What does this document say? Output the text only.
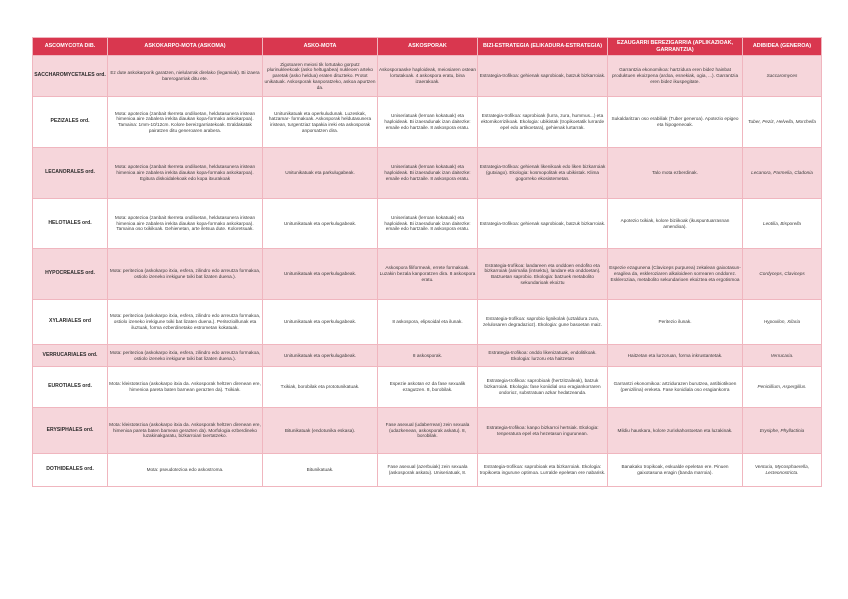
ASCOMYCOTA DIB.	ASKOKARPO-MOTA (ASKOMA)	ASKO-MOTA	ASKOSPORAK	BIZI-ESTRATEGIA (ELIKADURA-ESTRATEGIA)	EZAUGARRI BEREZIGARRIA (APLIKAZIOAK, GARRANTZIA)	ADIBIDEA (GENEROA)
SACCHAROMYCETALES ord.	Ez dute askokarporik garatzen, nielularrak direlako (legamiak). Bi izaera barerogarriak ditu ete.	Zigotoaren meiosi tik lortutako gorputz plurinukleekoak (asko heltugabea) nukleoen arteko paretak (asko heldua) eraten dituzteko. Protot unikatuak. Askosporak kanporatzeko, askoa apurtzen da.	Askosporaaske haploideak, meiosiaren ostean lortutakoak. 4 askospora eratu, bina izaerakoak.	Estrategia-trofikoa: gehienak saprobioak, batzuk bizkarroiak.	Garrantzia ekonomikoa: hartzidura eren bidez hainbat produktuen ekoizpena (ardoa, esnekiak, ogia, ...). Garrantzia eren bidez ikuspegitate.	Saccaromyces
PEZIZALES ord.	Mota: apotezioa (zanbait Ikerreta ondiloetan, heldutasunera iristean himenioa aire zabalera irekita diaukan kopa-formako askokarpoa). Tamaina: 1mm-10/12cm. Kolore bereizgarriatekoak. Eraldakatak pairatzen ditu generoaren arabera.	Unitunikatuak eta operkuludunak. Luzeskak, hatzamar- formakoak. Askosporak heldutasunera iristean, turgentziaz tapakia ireki eta askosporak anporsatzen dira.	Uniseriatuak (lerroan kokatuak) eta haploideak. Bi izaeradunak izan daitezke: emaile edo hartzaile. 8 askospora eratu.	Estrategia-trofikoa: saprobioak (lurra, zura, hummus...) eta ektomikorrizikoak. Ekologia: ubikistak (tropikoetatik lurrarde epel edo artikoetara), gehienak lurtarrak.	Sukaldaritzan oso erabiliak (Tuber generoa). Apotezio epigeo eta hipogeneoak.	Tuber, Peziz, Helvella, Morchella
LECANORALES ord.	Mota: apotezioa (zanbait Ikerreta ondiloetan, heldutasunera iristean himenioa aire zabalera irekita diaukan kopa-formako askokarpoa). Egitura diskoidalekoak edo kopa itxurakoak	Unitunikatuak eta parkulugabeak.	Uniseriatuak (lerroan kokatuak) eta haploideak. Bi izaeradunak izan daitezke: emaile edo hartzaile. 8 askospora eratu.	Estrategia-trofikoa: gehienak likenikoak edo liken bizkarroiak (gutxiago). Ekologia: kosmopolitak eta ubikistak. Klima gogorreko ekosistemetan.	Talo mota ezberdinak.	Lecanora, Parmelia, Cladonia
HELOTIALES ord.	Mota: apotezioa (zanbait Ikerreta ondiloetan, heldutasunera iristean himenioa aire zabalera irekita diaukan kopa-formako askokarpoa). Tamaina oso txikikoak. Gehienetan, arte iletsua dute. Koloretsuak.	Unitunikatuak eta operkulugabeak.	Uniseriatuak (lerroan kokatuak) eta haploideak. Bi izaeradunak izan daitezke: emaile edo hartzaile. 8 askospora eratu.	Estrategia-trofikoa: gehienak saprobioak, batzuk bizkarroiak.	Apotezio txikiak, kolore biziikoak (ikuspuntuarrasnan amendioa).	Leotilia, Bisporella
HYPOCREALES ord.	Mota: peritezioa (askokarpo itxia, esfera, zilindro edo arreutza formakoa, ostiolo izeneko irekigune txiki bat lizaten duena.).	Unitunikatuak eta operkulugabeak.	Askospora filiformeak, errete formakoak. Luzakin bezala kanporatzen dira. 8 askospora eratu.	Estrategia-trofikoa: landareen eta onddoen endofito eta bizkarroiak (animalia (intsektu), landare eta onddoetan). Batzuetan saprobio. Ekologia: batzuek metabolito sekundarioak ekoiztu	Espezie ezagunena (Claviceps purpurea) zekalean gaixotasun-eragilea da, eskleroziaren alkaloideen sorrearen onddorez. Eskleroziaa, metabolito sekundarioen ekoiztea eta ergotismoa	Cordyceps, Claviceps
XYLARIALES ord	Mota: peritezioa (askokarpo itxia, esfera, zilindro edo arreutza formakoa, ostiolo izeneko irekigune txiki bat lizaten duena.). Peritezioillunak eta iluztuak, forma ezberdinetako estrometan kokatuak.	Unitunikatuak eta operkulugabeak.	8 askospora, elipsoidal eta ilunak.	Estrategia-trofikoa: saprobio lignikolak (uztaldura zura, zelulosaren degradazioz). Ekologia: gune basoetan maiz.	Peritezio ilunak.	Hypoxilon, Xilaria
VERRUCARIALES ord.	Mota: peritezioa (askokarpo itxia, esfera, zilindro edo arreutza formakoa, ostiolo izeneko irekigune txiki bat lizaten duena.).	Unitunikatuak eta operkulugabeak.	8 askosporak.	Estrategia-trofikoa: onddo likenizatuak, endolitikoak. Ekologia: lurzoru eta haitzetan	Haitzetan eta lurzoruan, forma inkrustantetak.	Verrucaria.
EUROTIALES ord.	Mota: kleistotezioa (askokarpo itxia da. Askosporak heltzen direnean ere, himenioa pareta baten barnean gerazten da). Txikiak.	Txikiak, borobilak eta prototunikatuak.	Espezie askotan ez da fase sexualik ezagutzen. 8, borobilak.	Estrategia-trofikoa: saprobioak (hertzitzaileak), batzuk bizkarroiak. Ekologia: fase koniidial oso eragiankorraren ondorioz, substratuan azkar hedatzeanda.	Garrantzi ekonomikoa: artzidurazen burutzea, antibiotikoen (penizilina) ereketa. Fase konidiala oso eragiankorra	Penicillium, Aspergillus.
ERYSIPHALES ord.	Mota: kleistotezioa (askokarpo itxia da. Askosporak heltzen direnean ere, himenioa pareta baten barnean gerazten da). Morfologia ezberdineko luzakinakgaratu, bizkarroiari txertatzeko.	Bitunikatuak (endotunika eskasa).	Fase asexual (udaberrean) zein sexuala (udazkenean, askosporak askatu). 8, borobilak.	Estrategia-trofikoa: kanpo bizkarroi hertsiak. Ekologia: tenperatura epel eta hezetasun ingurunean.	Mildiu hauskara, kolore zurixkahostoetan eta luzakinak.	Erysiphe, Phyllactinia
DOTHIDEALES ord.	Mota: pseudotezioa edo askostroma.	Bitunikatuak.	Fase asexual (azerbuiak) zein sexuala (askosporak askatu). Uniseriatuak, 8.	Estrategia-trofikoa: saprobioak eta bizkarroiak. Ekologia: tropikoeta ingurune optimoa. Lurralde epeletan ere nabarisk.	Banakako tropikoak, eskualde epeletan ere. Pinuen gaixotasuna eragin (banda marroia).	Venturia, Mycosphaerella, Lecteonostricta.
